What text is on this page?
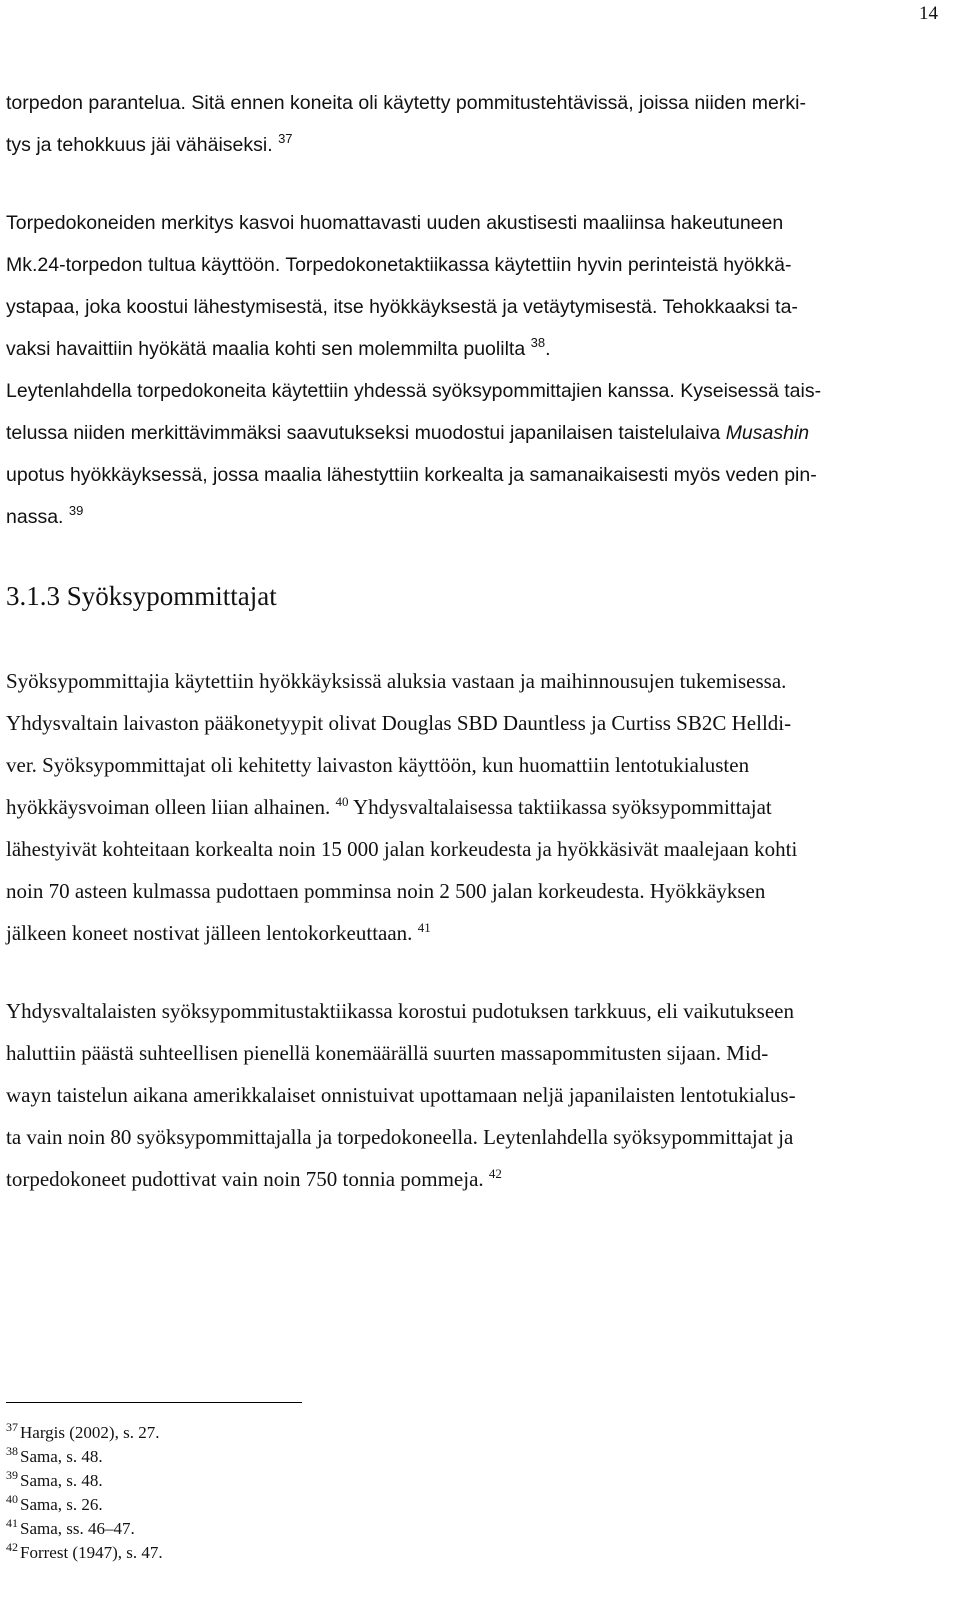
14

torpedon parantelua. Sitä ennen koneita oli käytetty pommitustehtävissä, joissa niiden merki-
tys ja tehokkuus jäi vähäiseksi. $^{37}$

Torpedokoneiden merkitys kasvoi huomattavasti uuden akustisesti maaliinsa hakeutuneen
Mk.24-torpedon tultua käyttöön. Torpedokonetaktiikassa käytettiin hyvin perinteistä hyökkä-
ystapaa, joka koostui lähestymisestä, itse hyökkäyksestä ja vetäytymisestä. Tehokkaaksi ta-
vaksi havaittiin hyökätä maalia kohti sen molemmilta puolilta $^{38}$.
Leytenlahdella torpedokoneita käytettiin yhdessä syöksypommittajien kanssa. Kyseisessä tais-
telussa niiden merkittävimmäksi saavutukseksi muodostui japanilaisen taistelulaiva Musashin
upotus hyökkäyksessä, jossa maalia lähestyttiin korkealta ja samanaikaisesti myös veden pin-
nassa. $^{39}$

3.1.3 Syöksypommittajat

Syöksypommittajia käytettiin hyökkäyksissä aluksia vastaan ja maihinnousujen tukemisessa.
Yhdysvaltain laivaston pääkonetyypit olivat Douglas SBD Dauntless ja Curtiss SB2C Helldi-
ver. Syöksypommittajat oli kehitetty laivaston käyttöön, kun huomattiin lentotukialusten
hyökkäysvoiman olleen liian alhainen. $^{40}$ Yhdysvaltalaisessa taktiikassa syöksypommittajat
lähestyivät kohteitaan korkealta noin 15 000 jalan korkeudesta ja hyökkäsivät maalejaan kohti
noin 70 asteen kulmassa pudottaen pomminsa noin 2 500 jalan korkeudesta. Hyökkäyksen
jälkeen koneet nostivat jälleen lentokorkeuttaan. $^{41}$

Yhdysvaltalaisten syöksypommitustaktiikassa korostui pudotuksen tarkkuus, eli vaikutukseen
haluttiin päästä suhteellisen pienellä konemäärällä suurten massapommitusten sijaan. Mid-
wayn taistelun aikana amerikkalaiset onnistuivat upottamaan neljä japanilaisten lentotukialus-
ta vain noin 80 syöksypommittajalla ja torpedokoneella. Leytenlahdella syöksypommittajat ja
torpedokoneet pudottivat vain noin 750 tonnia pommeja. $^{42}$

$^{37}$ Hargis (2002), s. 27.
$^{38}$ Sama, s. 48.
$^{39}$ Sama, s. 48.
$^{40}$ Sama, s. 26.
$^{41}$ Sama, ss. 46–47.
$^{42}$ Forrest (1947), s. 47.
